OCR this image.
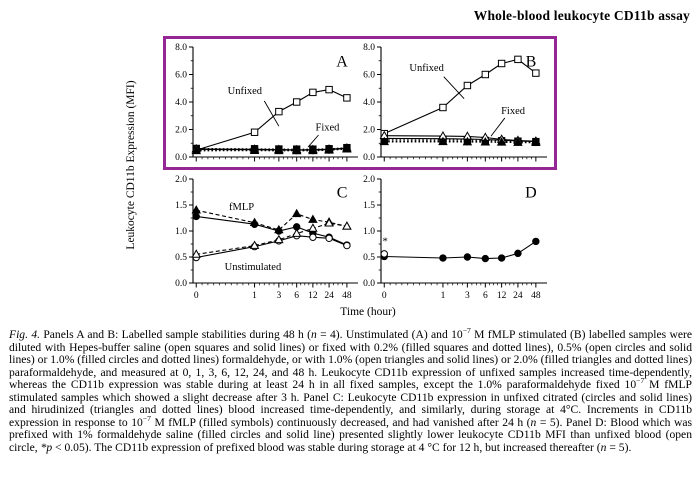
Whole-blood leukocyte CD11b assay
Leukocyte CD11b Expression (MFI)	0.0
2.0
4.0
6.0
8.0
Unfixed
Fixed
A
0.0
2.0
4.0
6.0
8.0
Unfixed
Fixed
B
0.0
0.5
1.0
1.5
2.0
0	1 3 6 12 24 48
fMLP
Unstimulated
C
0.0
0.5
1.0
1.5
2.0
0	1 3 6 12 24 48
*
D
Time (hour)
Fig. 4. Panels A and B: Labelled sample stabilities during 48 h (n = 4). Unstimulated (A) and $10^{-7}$ M fMLP stimulated (B) labelled samples were diluted with Hepes-buffer saline (open squares and solid lines) or fixed with 0.2% (filled squares and dotted lines), 0.5% (open circles and solid lines) or 1.0% (filled circles and dotted lines) formaldehyde, or with 1.0% (open triangles and solid lines) or 2.0% (filled triangles and dotted lines) paraformaldehyde, and measured at 0, 1, 3, 6, 12, 24, and 48 h. Leukocyte CD11b expression of unfixed samples increased time-dependently, whereas the CD11b expression was stable during at least 24 h in all fixed samples, except the 1.0% paraformaldehyde fixed $10^{-7}$ M fMLP stimulated samples which showed a slight decrease after 3 h. Panel C: Leukocyte CD11b expression in unfixed citrated (circles and solid lines) and hirudinized (triangles and dotted lines) blood increased time-dependently, and similarly, during storage at 4°C. Increments in CD11b expression in response to $10^{-7}$ M fMLP (filled symbols) continuously decreased, and had vanished after 24 h (n = 5). Panel D: Blood which was prefixed with 1% formaldehyde saline (filled circles and solid line) presented slightly lower leukocyte CD11b MFI than unfixed blood (open circle, *p < 0.05). The CD11b expression of prefixed blood was stable during storage at 4 °C for 12 h, but increased thereafter (n = 5).
